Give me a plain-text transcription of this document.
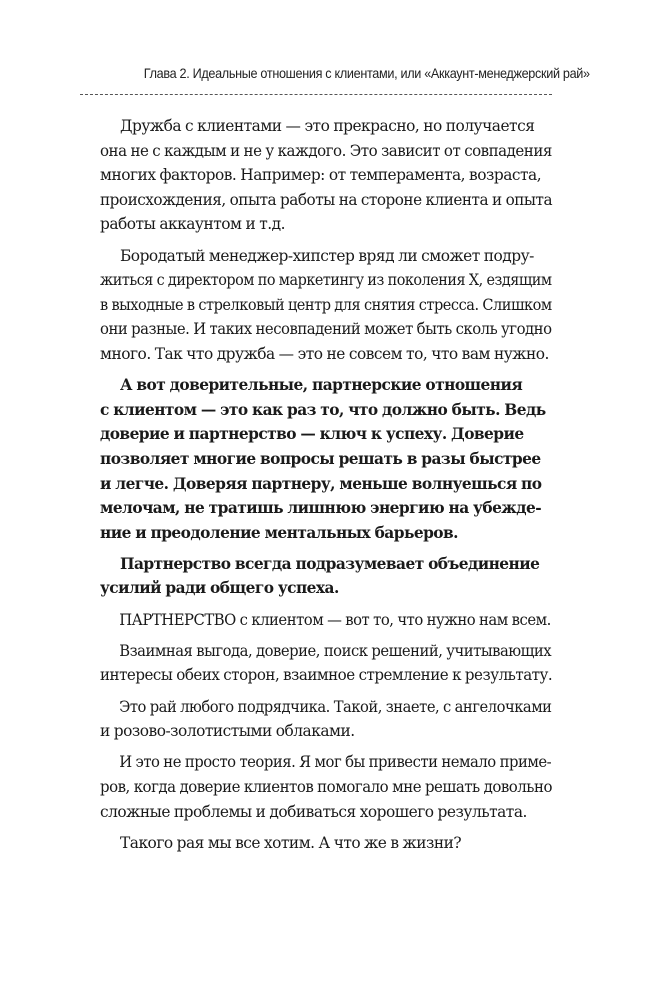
Глава 2. Идеальные отношения с клиентами, или «Аккаунт-менеджерский рай»
Дружба с клиентами — это прекрасно, но получается
она не с каждым и не у каждого. Это зависит от совпадения
многих факторов. Например: от темперамента, возраста,
происхождения, опыта работы на стороне клиента и опыта
работы аккаунтом и т.д.
Бородатый менеджер-хипстер вряд ли сможет подру-
житься с директором по маркетингу из поколения X, ездящим
в выходные в стрелковый центр для снятия стресса. Слишком
они разные. И таких несовпадений может быть сколь угодно
много. Так что дружба — это не совсем то, что вам нужно.
А вот доверительные, партнерские отношения
с клиентом — это как раз то, что должно быть. Ведь
доверие и партнерство — ключ к успеху. Доверие
позволяет многие вопросы решать в разы быстрее
и легче. Доверяя партнеру, меньше волнуешься по
мелочам, не тратишь лишнюю энергию на убежде-
ние и преодоление ментальных барьеров.
Партнерство всегда подразумевает объединение
усилий ради общего успеха.
ПАРТНЕРСТВО с клиентом — вот то, что нужно нам всем.
Взаимная выгода, доверие, поиск решений, учитывающих
интересы обеих сторон, взаимное стремление к результату.
Это рай любого подрядчика. Такой, знаете, с ангелочками
и розово-золотистыми облаками.
И это не просто теория. Я мог бы привести немало приме-
ров, когда доверие клиентов помогало мне решать довольно
сложные проблемы и добиваться хорошего результата.
Такого рая мы все хотим. А что же в жизни?
